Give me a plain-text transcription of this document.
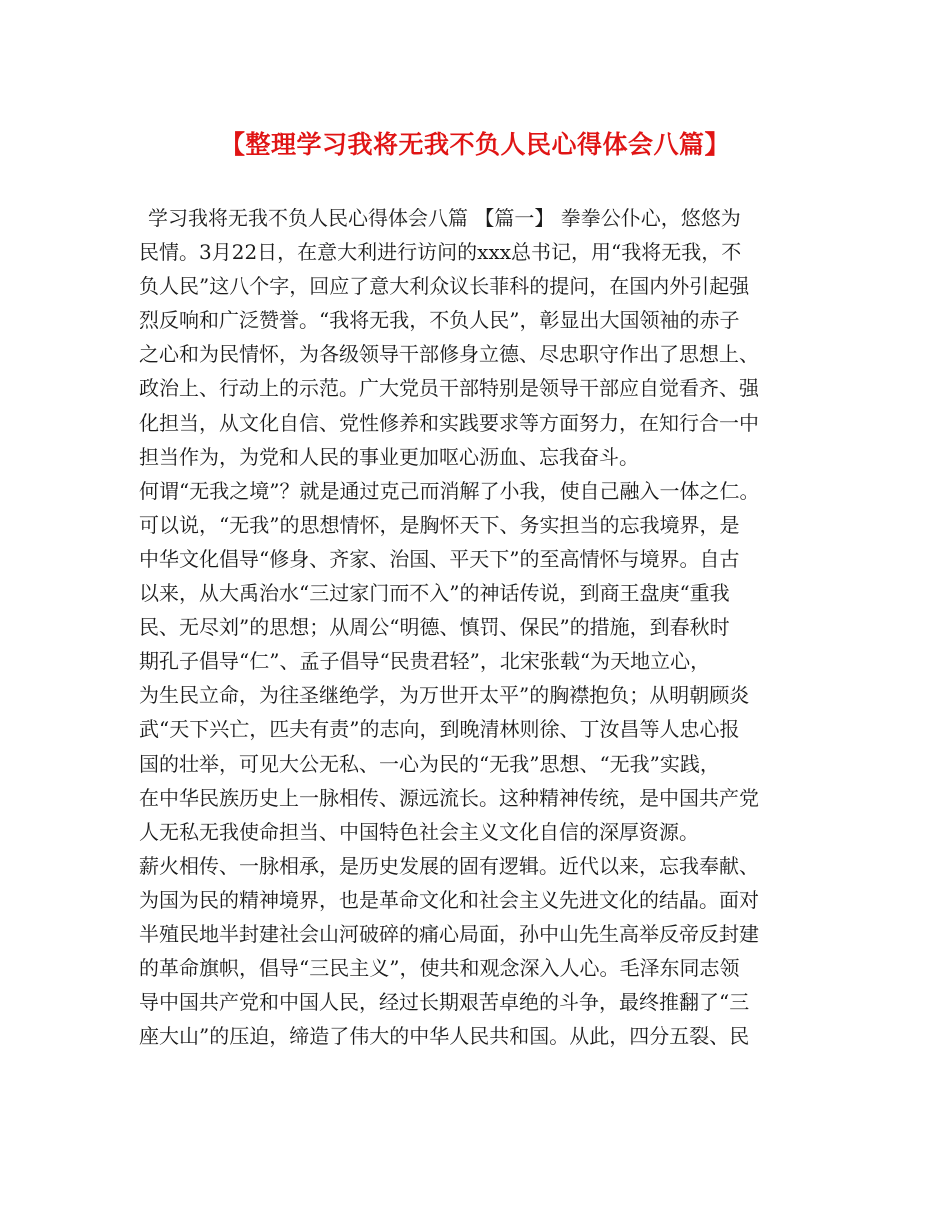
【整理学习我将无我不负人民心得体会八篇】
学习我将无我不负人民心得体会八篇 【篇一】 拳拳公仆心，悠悠为
民情。3月22日，在意大利进行访问的xxx总书记，用“我将无我，不
负人民”这八个字，回应了意大利众议长菲科的提问，在国内外引起强
烈反响和广泛赞誉。“我将无我，不负人民”，彰显出大国领袖的赤子
之心和为民情怀，为各级领导干部修身立德、尽忠职守作出了思想上、
政治上、行动上的示范。广大党员干部特别是领导干部应自觉看齐、强
化担当，从文化自信、党性修养和实践要求等方面努力，在知行合一中
担当作为，为党和人民的事业更加呕心沥血、忘我奋斗。
何谓“无我之境”？就是通过克己而消解了小我，使自己融入一体之仁。
可以说，“无我”的思想情怀，是胸怀天下、务实担当的忘我境界，是
中华文化倡导“修身、齐家、治国、平天下”的至高情怀与境界。自古
以来，从大禹治水“三过家门而不入”的神话传说，到商王盘庚“重我
民、无尽刘”的思想；从周公“明德、慎罚、保民”的措施，到春秋时
期孔子倡导“仁”、孟子倡导“民贵君轻”，北宋张载“为天地立心，
为生民立命，为往圣继绝学，为万世开太平”的胸襟抱负；从明朝顾炎
武“天下兴亡，匹夫有责”的志向，到晚清林则徐、丁汝昌等人忠心报
国的壮举，可见大公无私、一心为民的“无我”思想、“无我”实践，
在中华民族历史上一脉相传、源远流长。这种精神传统，是中国共产党
人无私无我使命担当、中国特色社会主义文化自信的深厚资源。
薪火相传、一脉相承，是历史发展的固有逻辑。近代以来，忘我奉献、
为国为民的精神境界，也是革命文化和社会主义先进文化的结晶。面对
半殖民地半封建社会山河破碎的痛心局面，孙中山先生高举反帝反封建
的革命旗帜，倡导“三民主义”，使共和观念深入人心。毛泽东同志领
导中国共产党和中国人民，经过长期艰苦卓绝的斗争，最终推翻了“三
座大山”的压迫，缔造了伟大的中华人民共和国。从此，四分五裂、民
